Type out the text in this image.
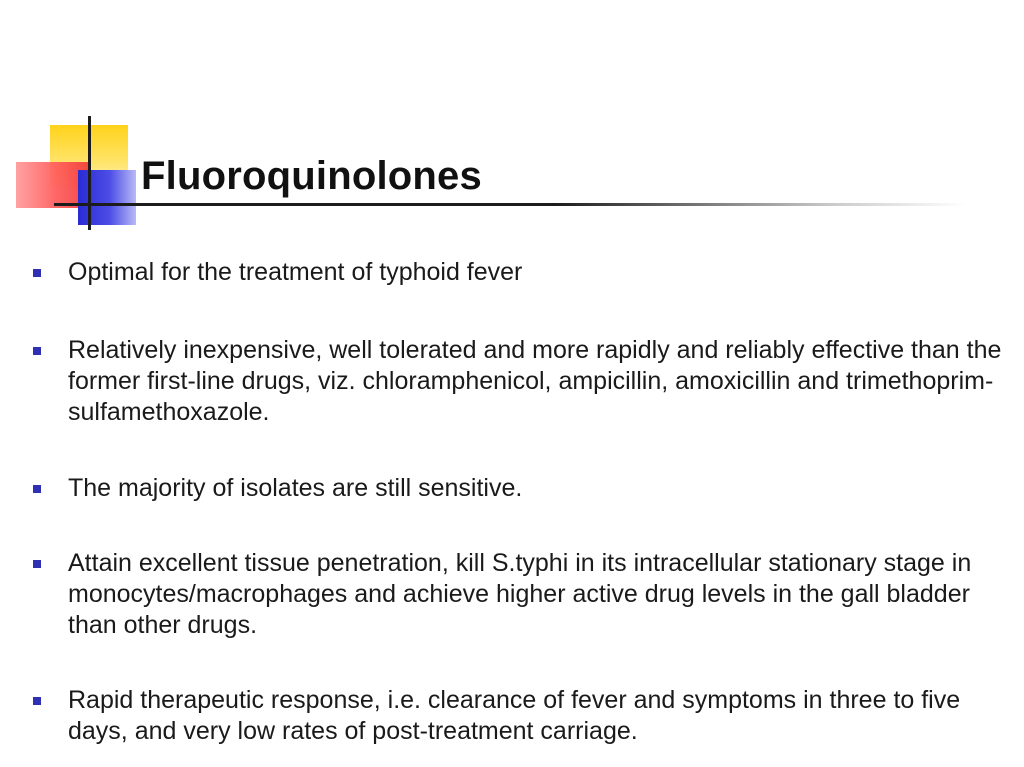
Fluoroquinolones
Optimal for the treatment of typhoid fever
Relatively inexpensive, well tolerated and more rapidly and reliably effective than the former first-line drugs, viz. chloramphenicol, ampicillin, amoxicillin and trimethoprim-sulfamethoxazole.
The majority of isolates are still sensitive.
Attain excellent tissue penetration, kill S.typhi in its intracellular stationary stage in monocytes/macrophages and achieve higher active drug levels in the gall bladder than other drugs.
Rapid therapeutic response, i.e. clearance of fever and symptoms in three to five days, and very low rates of post-treatment carriage.
